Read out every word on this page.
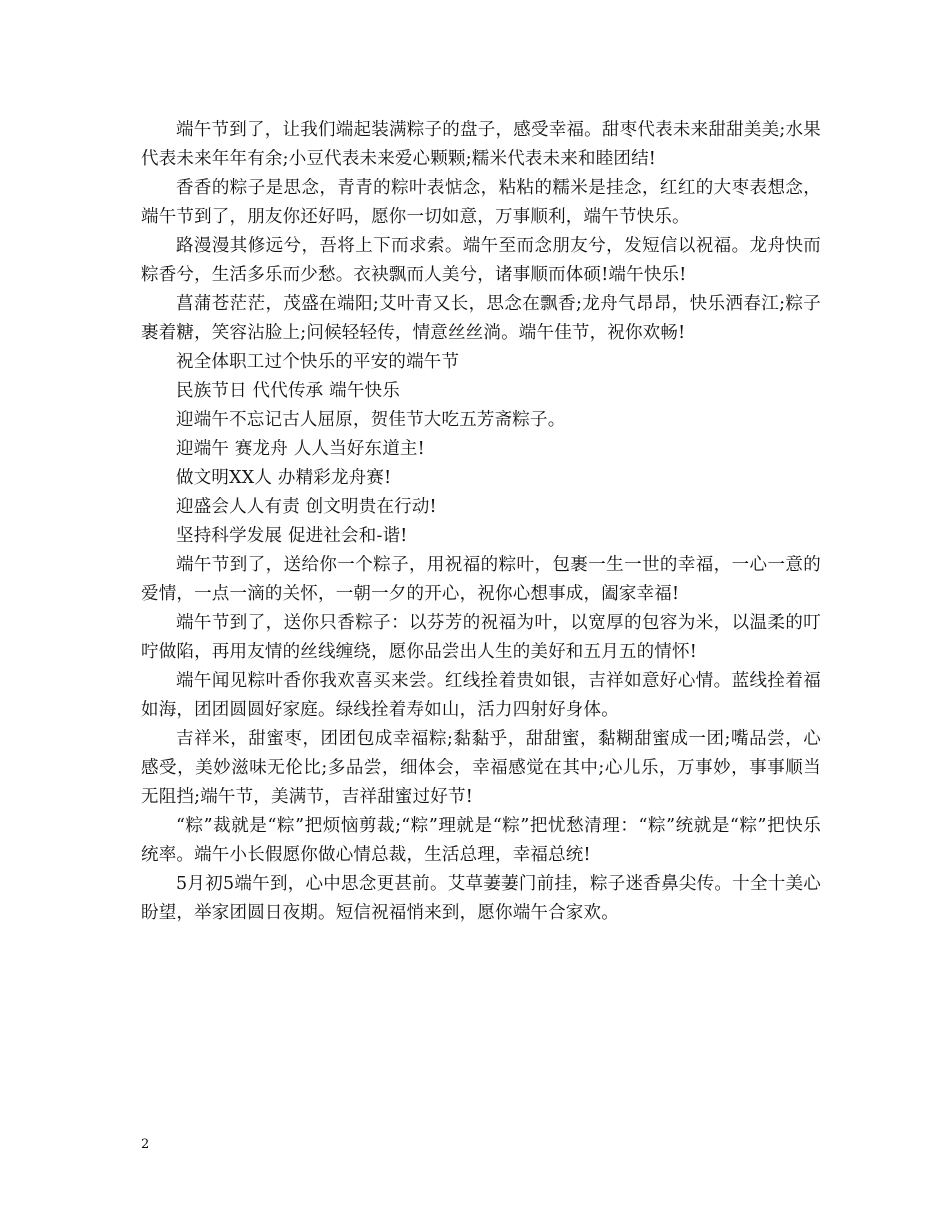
端午节到了，让我们端起装满粽子的盘子，感受幸福。甜枣代表未来甜甜美美;水果代表未来年年有余;小豆代表未来爱心颗颗;糯米代表未来和睦团结!

香香的粽子是思念，青青的粽叶表惦念，粘粘的糯米是挂念，红红的大枣表想念，端午节到了，朋友你还好吗，愿你一切如意，万事顺利，端午节快乐。

路漫漫其修远兮，吾将上下而求索。端午至而念朋友兮，发短信以祝福。龙舟快而粽香兮，生活多乐而少愁。衣袂飘而人美兮，诸事顺而体硕!端午快乐!

菖蒲苍茫茫，茂盛在端阳;艾叶青又长，思念在飘香;龙舟气昂昂，快乐洒春江;粽子裹着糖，笑容沾脸上;问候轻轻传，情意丝丝淌。端午佳节，祝你欢畅!

祝全体职工过个快乐的平安的端午节

民族节日 代代传承 端午快乐

迎端午不忘记古人屈原，贺佳节大吃五芳斋粽子。

迎端午 赛龙舟 人人当好东道主!

做文明XX人 办精彩龙舟赛!

迎盛会人人有责 创文明贵在行动!

坚持科学发展 促进社会和-谐!

端午节到了，送给你一个粽子，用祝福的粽叶，包裹一生一世的幸福，一心一意的爱情，一点一滴的关怀，一朝一夕的开心，祝你心想事成，阖家幸福!

端午节到了，送你只香粽子：以芬芳的祝福为叶，以宽厚的包容为米，以温柔的叮咛做陷，再用友情的丝线缠绕，愿你品尝出人生的美好和五月五的情怀!

端午闻见粽叶香你我欢喜买来尝。红线拴着贵如银，吉祥如意好心情。蓝线拴着福如海，团团圆圆好家庭。绿线拴着寿如山，活力四射好身体。

吉祥米，甜蜜枣，团团包成幸福粽;黏黏乎，甜甜蜜，黏糊甜蜜成一团;嘴品尝，心感受，美妙滋味无伦比;多品尝，细体会，幸福感觉在其中;心儿乐，万事妙，事事顺当无阻挡;端午节，美满节，吉祥甜蜜过好节!

“粽”裁就是“粽”把烦恼剪裁;“粽”理就是“粽”把忧愁清理：“粽”统就是“粽”把快乐统率。端午小长假愿你做心情总裁，生活总理，幸福总统!

5月初5端午到，心中思念更甚前。艾草萋萋门前挂，粽子迷香鼻尖传。十全十美心盼望，举家团圆日夜期。短信祝福悄来到，愿你端午合家欢。

2
